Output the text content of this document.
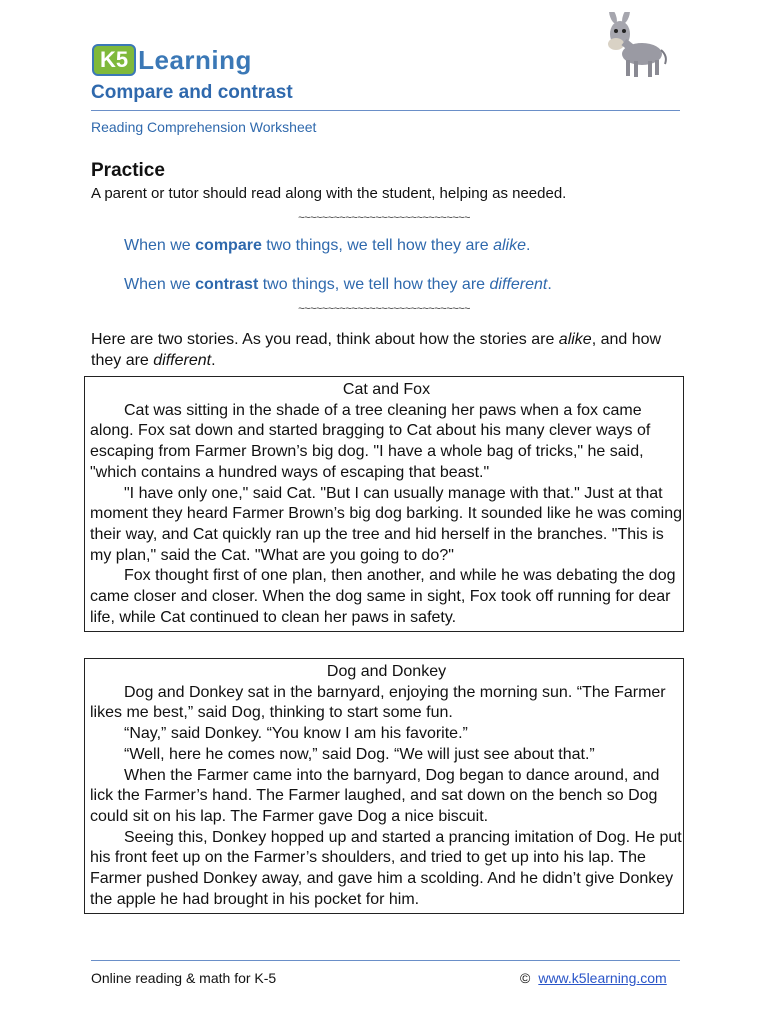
K5 Learning
Compare and contrast
Reading Comprehension Worksheet
Practice
A parent or tutor should read along with the student, helping as needed.
~~~~~~~~~~~~~~~~~~~~~~~~~~~~~
When we compare two things, we tell how they are alike.
When we contrast two things, we tell how they are different.
~~~~~~~~~~~~~~~~~~~~~~~~~~~~~
Here are two stories. As you read, think about how the stories are alike, and how they are different.
Cat and Fox

Cat was sitting in the shade of a tree cleaning her paws when a fox came along. Fox sat down and started bragging to Cat about his many clever ways of escaping from Farmer Brown’s big dog. "I have a whole bag of tricks," he said, "which contains a hundred ways of escaping that beast."

"I have only one," said Cat. "But I can usually manage with that." Just at that moment they heard Farmer Brown’s big dog barking. It sounded like he was coming their way, and Cat quickly ran up the tree and hid herself in the branches. "This is my plan," said the Cat. "What are you going to do?"

Fox thought first of one plan, then another, and while he was debating the dog came closer and closer. When the dog same in sight, Fox took off running for dear life, while Cat continued to clean her paws in safety.

Dog and Donkey

Dog and Donkey sat in the barnyard, enjoying the morning sun. “The Farmer likes me best,” said Dog, thinking to start some fun.

“Nay,” said Donkey. “You know I am his favorite.”

“Well, here he comes now,” said Dog. “We will just see about that.”

When the Farmer came into the barnyard, Dog began to dance around, and lick the Farmer’s hand. The Farmer laughed, and sat down on the bench so Dog could sit on his lap. The Farmer gave Dog a nice biscuit.

Seeing this, Donkey hopped up and started a prancing imitation of Dog. He put his front feet up on the Farmer’s shoulders, and tried to get up into his lap. The Farmer pushed Donkey away, and gave him a scolding. And he didn’t give Donkey the apple he had brought in his pocket for him.

Online reading & math for K-5	© www.k5learning.com
